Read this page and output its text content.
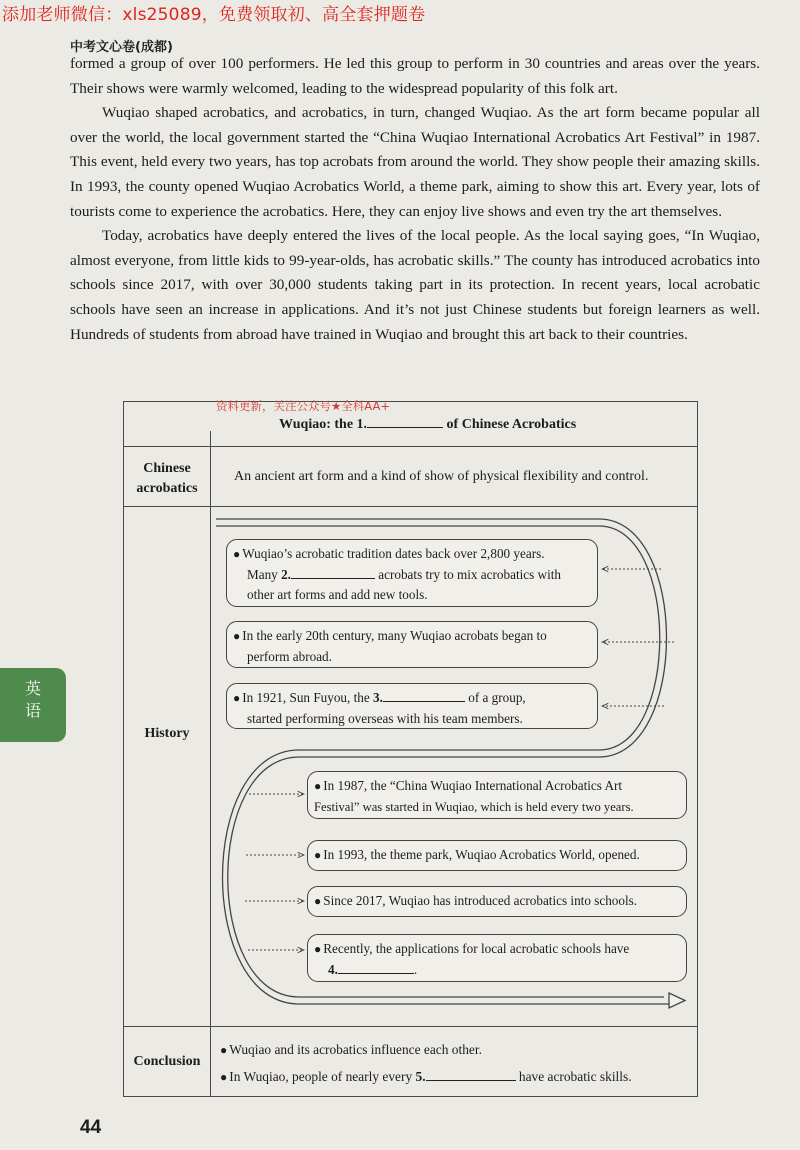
添加老师微信：xls25089，免费领取初、高全套押题卷
中考文心卷(成都)

formed a group of over 100 performers. He led this group to perform in 30 countries and areas over the years. Their shows were warmly welcomed, leading to the widespread popularity of this folk art.

Wuqiao shaped acrobatics, and acrobatics, in turn, changed Wuqiao. As the art form became popular all over the world, the local government started the “China Wuqiao International Acrobatics Art Festival” in 1987. This event, held every two years, has top acrobats from around the world. They show people their amazing skills. In 1993, the county opened Wuqiao Acrobatics World, a theme park, aiming to show this art. Every year, lots of tourists come to experience the acrobatics. Here, they can enjoy live shows and even try the art themselves.

Today, acrobatics have deeply entered the lives of the local people. As the local saying goes, “In Wuqiao, almost everyone, from little kids to 99-year-olds, has acrobatic skills.” The county has introduced acrobatics into schools since 2017, with over 30,000 students taking part in its protection. In recent years, local acrobatic schools have seen an increase in applications. And it’s not just Chinese students but foreign learners as well. Hundreds of students from abroad have trained in Wuqiao and brought this art back to their countries.

英
语
资料更新，关注公众号★全科AA+
Wuqiao: the 1.	of Chinese Acrobatics
Chinese
acrobatics
An ancient art form and a kind of show of physical flexibility and control.
History
● Wuqiao’s acrobatic tradition dates back over 2,800 years.
Many 2.	acrobats try to mix acrobatics with
other art forms and add new tools.
● In the early 20th century, many Wuqiao acrobats began to
perform abroad.
● In 1921, Sun Fuyou, the 3.	of a group,
started performing overseas with his team members.
● In 1987, the “China Wuqiao International Acrobatics Art
Festival” was started in Wuqiao, which is held every two years.
● In 1993, the theme park, Wuqiao Acrobatics World, opened.
● Since 2017, Wuqiao has introduced acrobatics into schools.
● Recently, the applications for local acrobatic schools have
4.	.
Conclusion
● Wuqiao and its acrobatics influence each other.
● In Wuqiao, people of nearly every 5.	have acrobatic skills.
44
